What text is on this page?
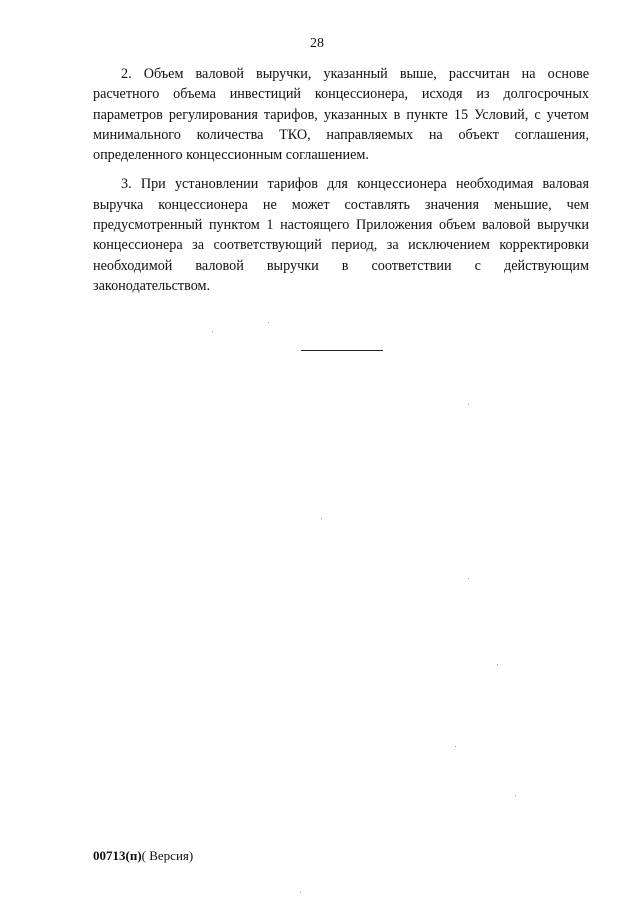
28

2. Объем валовой выручки, указанный выше, рассчитан на основе расчетного объема инвестиций концессионера, исходя из долгосрочных параметров регулирования тарифов, указанных в пункте 15 Условий, с учетом минимального количества ТКО, направляемых на объект соглашения, определенного концессионным соглашением.

3. При установлении тарифов для концессионера необходимая валовая выручка концессионера не может составлять значения меньшие, чем предусмотренный пунктом 1 настоящего Приложения объем валовой выручки концессионера за соответствующий период, за исключением корректировки необходимой валовой выручки в соответствии с действующим законодательством.

00713(п)( Версия)
